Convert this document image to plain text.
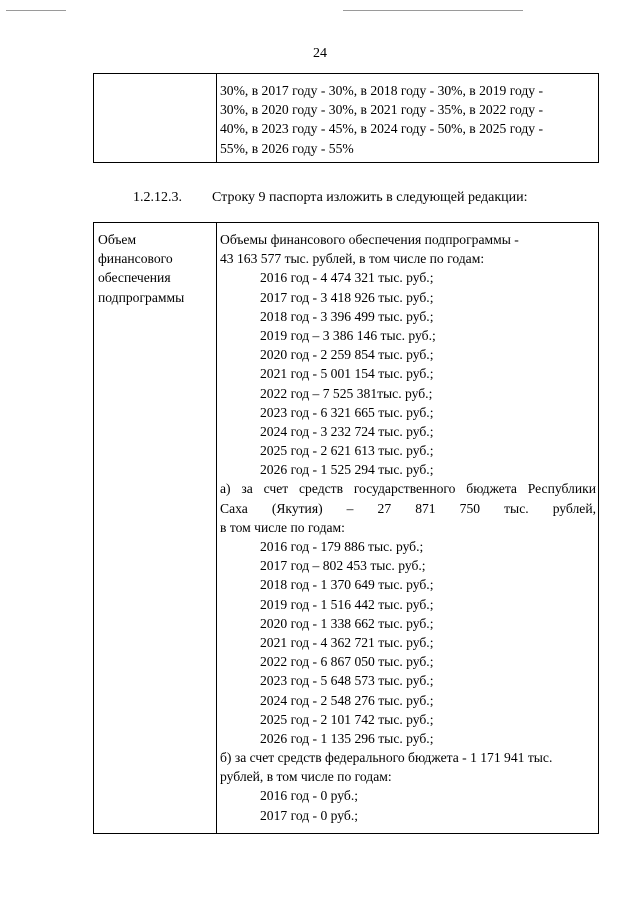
24
30%, в 2017 году - 30%, в 2018 году - 30%, в 2019 году -
30%, в 2020 году - 30%, в 2021 году - 35%, в 2022 году -
40%, в 2023 году - 45%, в 2024 году - 50%, в 2025 году -
55%, в 2026 году - 55%
1.2.12.3. Строку 9 паспорта изложить в следующей редакции:
Объем
финансового
обеспечения
подпрограммы
Объемы финансового обеспечения подпрограммы -
43 163 577 тыс. рублей, в том числе по годам:
2016 год - 4 474 321 тыс. руб.;
2017 год - 3 418 926 тыс. руб.;
2018 год - 3 396 499 тыс. руб.;
2019 год – 3 386 146 тыс. руб.;
2020 год - 2 259 854 тыс. руб.;
2021 год - 5 001 154 тыс. руб.;
2022 год – 7 525 381тыс. руб.;
2023 год - 6 321 665 тыс. руб.;
2024 год - 3 232 724 тыс. руб.;
2025 год - 2 621 613 тыс. руб.;
2026 год - 1 525 294 тыс. руб.;
а) за счет средств государственного бюджета Республики
Саха (Якутия) – 27 871 750 тыс. рублей,
в том числе по годам:
2016 год - 179 886 тыс. руб.;
2017 год – 802 453 тыс. руб.;
2018 год - 1 370 649 тыс. руб.;
2019 год - 1 516 442 тыс. руб.;
2020 год - 1 338 662 тыс. руб.;
2021 год - 4 362 721 тыс. руб.;
2022 год - 6 867 050 тыс. руб.;
2023 год - 5 648 573 тыс. руб.;
2024 год - 2 548 276 тыс. руб.;
2025 год - 2 101 742 тыс. руб.;
2026 год - 1 135 296 тыс. руб.;
б) за счет средств федерального бюджета - 1 171 941 тыс.
рублей, в том числе по годам:
2016 год - 0 руб.;
2017 год - 0 руб.;
